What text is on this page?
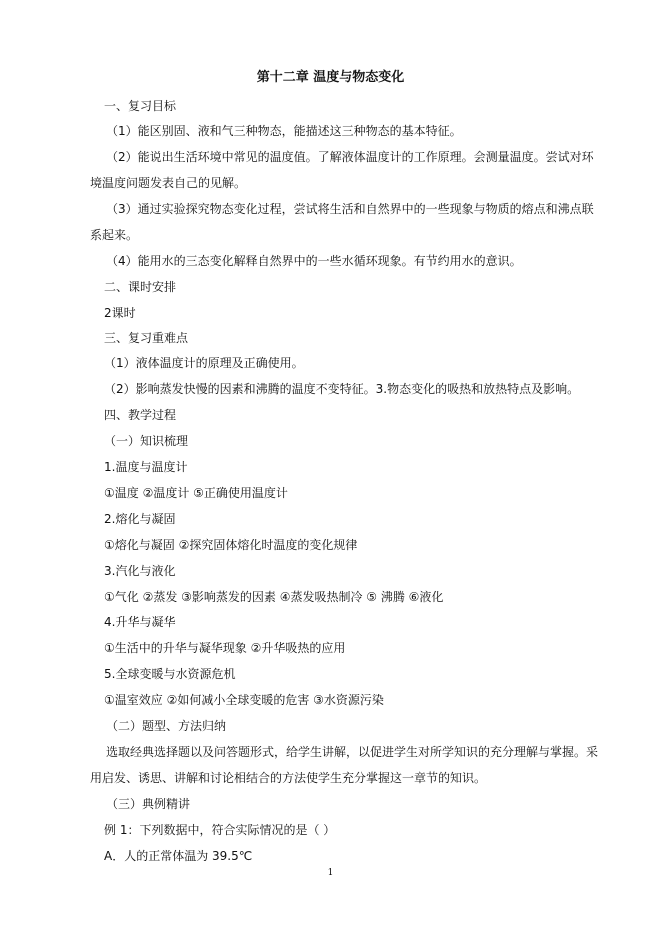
第十二章 温度与物态变化
一、复习目标
（1）能区别固、液和气三种物态，能描述这三种物态的基本特征。
（2）能说出生活环境中常见的温度值。了解液体温度计的工作原理。会测量温度。尝试对环
境温度问题发表自己的见解。
（3）通过实验探究物态变化过程，尝试将生活和自然界中的一些现象与物质的熔点和沸点联
系起来。
（4）能用水的三态变化解释自然界中的一些水循环现象。有节约用水的意识。
二、课时安排
2课时
三、复习重难点
（1）液体温度计的原理及正确使用。
（2）影响蒸发快慢的因素和沸腾的温度不变特征。3.物态变化的吸热和放热特点及影响。
四、教学过程
（一）知识梳理
1.温度与温度计
①温度 ②温度计 ⑤正确使用温度计
2.熔化与凝固
①熔化与凝固 ②探究固体熔化时温度的变化规律
3.汽化与液化
①气化 ②蒸发 ③影响蒸发的因素 ④蒸发吸热制冷 ⑤ 沸腾 ⑥液化
4.升华与凝华
①生活中的升华与凝华现象 ②升华吸热的应用
5.全球变暖与水资源危机
①温室效应 ②如何减小全球变暖的危害 ③水资源污染
（二）题型、方法归纳
选取经典选择题以及问答题形式，给学生讲解，以促进学生对所学知识的充分理解与掌握。采
用启发、诱思、讲解和讨论相结合的方法使学生充分掌握这一章节的知识。
（三）典例精讲
例 1：下列数据中，符合实际情况的是（ ）
A．人的正常体温为 39.5℃
1
